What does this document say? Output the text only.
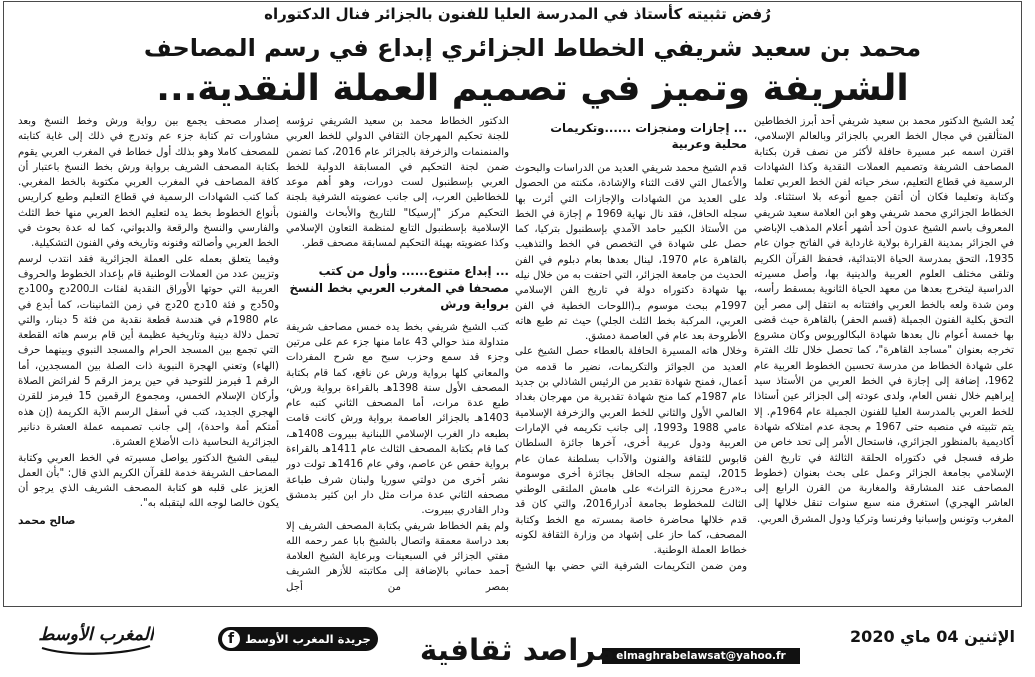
رُفض تثبيته كأستاذ في المدرسة العليا للفنون بالجزائر فنال الدكتوراه
محمد بن سعيد شريفي الخطاط الجزائري إبداع في رسم المصاحف
الشريفة وتميز في تصميم العملة النقدية...

يُعد الشيخ الدكتور محمد بن سعيد شريفي أحد أبرز الخطاطين المتألقين في مجال الخط العربي بالجزائر وبالعالم الإسلامي، اقترن اسمه عبر مسيرة حافلة لأكثر من نصف قرن بكتابة المصاحف الشريفة وتصميم العملات النقدية وكذا الشهادات الرسمية في قطاع التعليم، سخر حياته لفن الخط العربي تعلما وكتابة وتعليما فكان أن أتقن جميع أنوعه بلا استثناء. ولد الخطاط الجزائري محمد شريفي وهو ابن العلامة سعيد شريفي المعروف باسم الشيخ عدون أحد أشهر أعلام المذهب الإباضي في الجزائر بمدينة القرارة بولاية غارداية في الفاتح جوان عام 1935، التحق بمدرسة الحياة الابتدائية، فحفظ القرآن الكريم وتلقى مختلف العلوم العربية والدينية بها، وأصل مسيرته الدراسية ليتخرج بعدها من معهد الحياة الثانوية بمسقط رأسه، ومن شدة ولعه بالخط العربي وافتتانه به انتقل إلى مصر أين التحق بكلية الفنون الجميلة (قسم الحفر) بالقاهرة حيث قضى بها خمسة أعوام نال بعدها شهادة البكالوريوس وكان مشروع تخرجه بعنوان "مساجد القاهرة"، كما تحصل خلال تلك الفترة على شهادة الخطاط من مدرسة تحسين الخطوط العربية عام 1962، إضافة إلى إجازة في الخط العربي من الأستاذ سيد إبراهيم خلال نفس العام، ولدى عودته إلى الجزائر عين أستاذا للخط العربي بالمدرسة العليا للفنون الجميلة عام 1964م. إلا يتم تثبيته في منصبه حتى 1967 م بحجة عدم امتلاكه شهادة أكاديمية بالمنظور الجزائري، فاستحال الأمر إلى تحد خاص من طرفه فسجل في دكتوراه الحلقة الثالثة في تاريخ الفن الإسلامي بجامعة الجزائر وعمل على بحث بعنوان (خطوط المصاحف عند المشارقة والمغاربة من القرن الرابع إلى العاشر الهجري) استغرق منه سبع سنوات تنقل خلالها إلى المغرب وتونس وإسبانيا وفرنسا وتركيا ودول المشرق العربي.

... إجازات ومنجزات ......وتكريمات
محلية وعربية

قدم الشيخ محمد شريفي العديد من الدراسات والبحوث والأعمال التي لاقت الثناء والإشادة، مكنته من الحصول على العديد من الشهادات والإجازات التي أثرت بها سجله الحافل، فقد نال نهاية 1969 م إجازة في الخط من الأستاذ الكبير حامد الآمدي بإسطنبول بتركيا، كما حصل على شهادة في التخصص في الخط والتذهيب بالقاهرة عام 1970، لينال بعدها بعام دبلوم في الفن الحديث من جامعة الجزائر، التي احتفت به من خلال نيله بها شهادة دكتوراه دولة في تاريخ الفن الإسلامي 1997م ببحث موسوم بـ(اللوحات الخطية في الفن العربي، المركبة بخط الثلث الجلي) حيث تم طبع هاته الأطروحة بعد عام في العاصمة دمشق.

وخلال هاته المسيرة الحافلة بالعطاء حصل الشيخ على العديد من الجوائز والتكريمات، نضير ما قدمه من أعمال، فمنح شهادة تقدير من الرئيس الشاذلي بن جديد عام 1987م كما منح شهادة تقديرية من مهرجان بغداد العالمي الأول والثاني للخط العربي والزخرفة الإسلامية عامي 1988 و1993، إلى جانب تكريمه في الإمارات العربية ودول عربية أخرى، آخرها جائزة السلطان قابوس للثقافة والفنون والآداب بسلطنة عمان عام 2015، ليتمم سجله الحافل بجائزة أخرى موسومة بـ«درع محرزة التراث» على هامش الملتقى الوطني الثالث للمخطوط بجامعة أدرار2016، والتي كان قد قدم خلالها محاضرة خاصة بمسرته مع الخط وكتابة المصحف، كما حاز على إشهاد من وزارة الثقافة لكونه خطاط العملة الوطنية.

ومن ضمن التكريمات الشرفية التي حضي بها الشيخ

الدكتور الخطاط محمد بن سعيد الشريفي ترؤسه للجنة تحكيم المهرجان الثقافي الدولي للخط العربي والمنمنمات والزخرفة بالجزائر عام 2016، كما تضمن ضمن لجنة التحكيم في المسابقة الدولية للخط العربي بإسطنبول لست دورات، وهو أهم موعد للخطاطين العرب، إلى جانب عضويته الشرفية بلجنة التحكيم مركز "إرسيكا" للتاريخ والأبحاث والفنون الإسلامية بإسطنبول التابع لمنظمة التعاون الإسلامي وكذا عضويته بهيئة التحكيم لمسابقة مصحف قطر.

... إبداع متنوع...... وأول من كتب
مصحفا في المغرب العربي بخط النسخ
برواية ورش

كتب الشيخ شريفي بخط يده خمس مصاحف شريفة متداولة منذ حوالي 43 عاما منها جزء عم على مرتين وجزء قد سمع وحزب سبح مع شرح المفردات والمعاني كلها برواية ورش عن نافع، كما قام بكتابة المصحف الأول سنة 1398هـ بالقراءة برواية ورش، طبع عدة مرات، أما المصحف الثاني كتبه عام 1403هـ بالجزائر العاصمة برواية ورش كانت قامت بطبعه دار الغرب الإسلامي اللبنانية ببيروت 1408هـ، كما قام بكتابة المصحف الثالث عام 1411هـ بالقراءة برواية حفص عن عاصم، وفي عام 1416هـ تولت دور نشر أخرى من دولتي سوريا ولبنان شرف طباعة مصحفه الثاني عدة مرات مثل دار ابن كثير بدمشق ودار القادري ببيروت.

ولم يقم الخطاط شريفي بكتابة المصحف الشريف إلا بعد دراسة معمقة واتصال بالشيخ بابا عمر رحمه الله مفتي الجزائر في السبعينات وبرعاية الشيخ العلامة أحمد حماني بالإضافة إلى مكاتبته للأزهر الشريف بمصر من أجل

إصدار مصحف يجمع بين رواية ورش وخط النسخ وبعد مشاورات تم كتابة جزء عم وتدرج في ذلك إلى غاية كتابته للمصحف كاملا وهو بذلك أول خطاط في المغرب العربي يقوم بكتابة المصحف الشريف برواية ورش بخط النسخ باعتبار أن كافة المصاحف في المغرب العربي مكتوبة بالخط المغربي. كما كتب الشهادات الرسمية في قطاع التعليم وطبع كراريس بأنواع الخطوط بخط يده لتعليم الخط العربي منها خط الثلث والفارسي والنسخ والرقعة والديواني، كما له عدة بحوث في الخط العربي وأصالته وفنونه وتاريخه وفي الفنون التشكيلية.

وفيما يتعلق بعمله على العملة الجزائرية فقد انتدب لرسم وتزيين عدد من العملات الوطنية قام بإعداد الخطوط والحروف العربية التي حوتها الأوراق النقدية لفئات الـ200دج و100دج و50دج و فئة 10دج 20دج في زمن الثمانينات، كما أبدع في عام 1980م في هندسة قطعة نقدية من فئة 5 دينار، والتي تحمل دلالة دينية وتاريخية عظيمة أين قام برسم هاته القطعة التي تجمع بين المسجد الحرام والمسجد النبوي وبينهما حرف (الهاء) وتعني الهجرة النبوية ذات الصلة بين المسجدين، أما الرقم 1 فيرمز للتوحيد في حين يرمز الرقم 5 لفرائض الصلاة وأركان الإسلام الخمس، ومجموع الرقمين 15 فيرمز للقرن الهجري الجديد، كتب في أسفل الرسم الآية الكريمة (إن هذه أمتكم أمة واحدة)، إلى جانب تصميمه عملة العشرة دنانير الجزائرية النحاسية ذات الأضلاع العشرة.

ليبقى الشيخ الدكتور يواصل مسيرته في الخط العربي وكتابة المصاحف الشريفة خدمة للقرآن الكريم الذي قال: "بأن العمل العزيز على قلبه هو كتابة المصحف الشريف الذي يرجو أن يكون خالصا لوجه الله ليتقبله به".

صالح محمد

الإثنين 04 ماي 2020
elmaghrabelawsat@yahoo.fr
مراصد ثقافية
f جريدة المغرب الأوسط
المغرب الأوسط
